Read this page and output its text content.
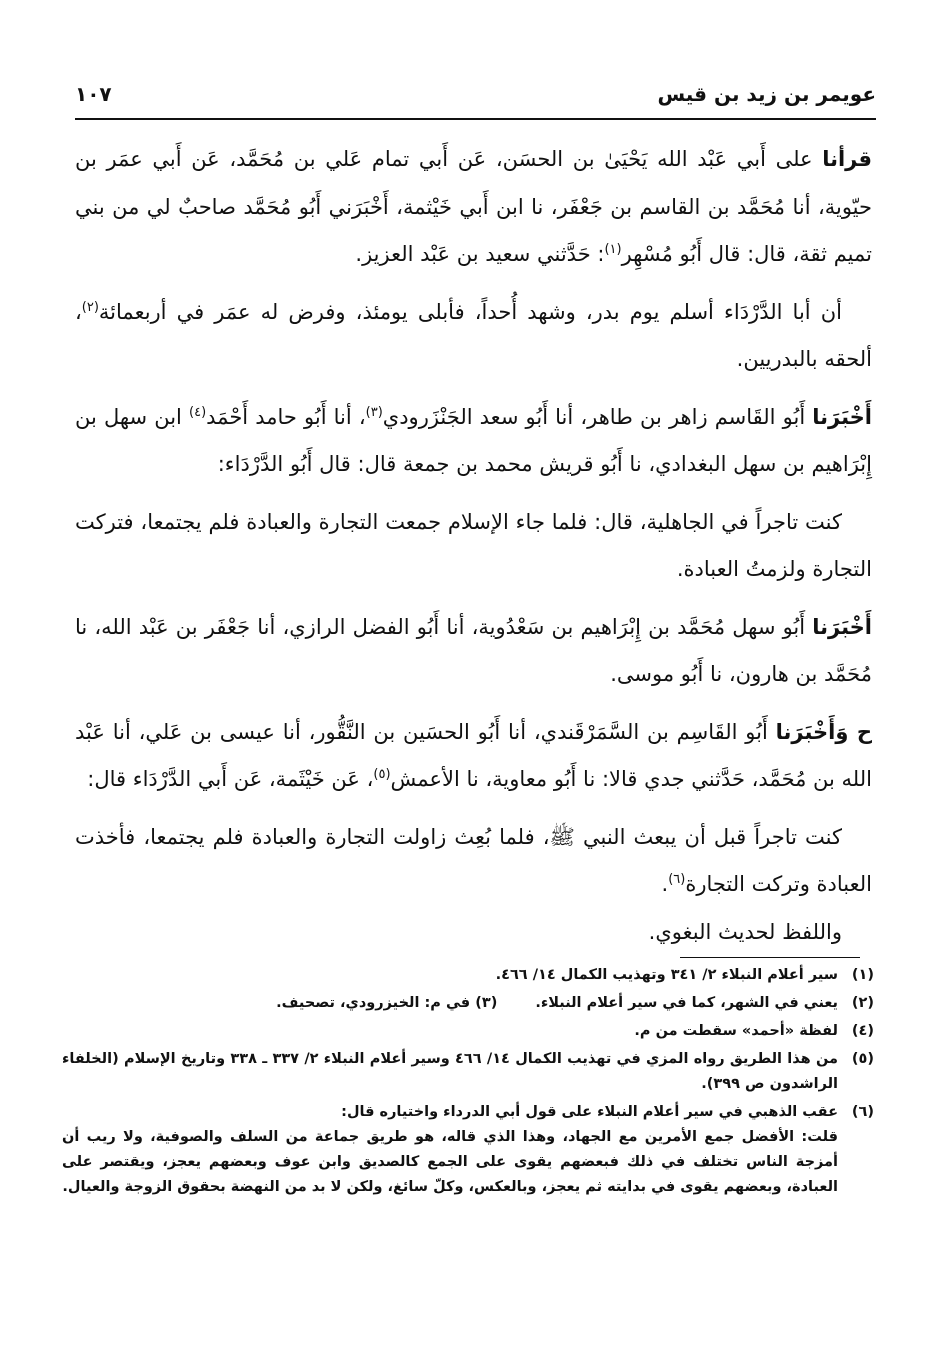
عويمر بن زيد بن قيس
١٠٧

قرأنا على أَبي عَبْد الله يَحْيَىٰ بن الحسَن، عَن أَبي تمام عَلي بن مُحَمَّد، عَن أَبي عمَر بن حيّوية، أنا مُحَمَّد بن القاسم بن جَعْفَر، نا ابن أَبي خَيْثمة، أَخْبَرَني أَبُو مُحَمَّد صاحبٌ لي من بني تميم ثقة، قال: قال أَبُو مُسْهِر$^{(١)}$: حَدَّثني سعيد بن عَبْد العزيز.

أن أبا الدَّرْدَاء أسلم يوم بدر، وشهد أُحداً، فأبلى يومئذ، وفرض له عمَر في أربعمائة$^{(٢)}$، ألحقه بالبدريين.

أَخْبَرَنا أَبُو القَاسم زاهر بن طاهر، أنا أَبُو سعد الجَنْزَرودي$^{(٣)}$، أنا أَبُو حامد أَحْمَد$^{(٤)}$ ابن سهل بن إِبْرَاهيم بن سهل البغدادي، نا أَبُو قريش محمد بن جمعة قال: قال أَبُو الدَّرْدَاء:

كنت تاجراً في الجاهلية، قال: فلما جاء الإسلام جمعت التجارة والعبادة فلم يجتمعا، فتركت التجارة ولزمتُ العبادة.

أَخْبَرَنا أَبُو سهل مُحَمَّد بن إِبْرَاهيم بن سَعْدُوية، أنا أَبُو الفضل الرازي، أنا جَعْفَر بن عَبْد الله، نا مُحَمَّد بن هارون، نا أَبُو موسى.

ح وَأَخْبَرَنا أَبُو القَاسِم بن السَّمَرْقَندي، أنا أَبُو الحسَين بن النَّقُّور، أنا عيسى بن عَلي، أنا عَبْد الله بن مُحَمَّد، حَدَّثني جدي قالا: نا أَبُو معاوية، نا الأعمش$^{(٥)}$، عَن خَيْثَمة، عَن أَبي الدَّرْدَاء قال:

كنت تاجراً قبل أن يبعث النبي ﷺ، فلما بُعِث زاولت التجارة والعبادة فلم يجتمعا، فأخذت العبادة وتركت التجارة$^{(٦)}$.

واللفظ لحديث البغوي.

(١)
سير أعلام النبلاء ٢/ ٣٤١ وتهذيب الكمال ١٤/ ٤٦٦.
(٢)
يعني في الشهر، كما في سير أعلام النبلاء.(٣) في م: الخيزرودي، تصحيف.
(٤)
لفظة «أحمد» سقطت من م.
(٥)
من هذا الطريق رواه المزي في تهذيب الكمال ١٤/ ٤٦٦ وسير أعلام النبلاء ٢/ ٣٣٧ ـ ٣٣٨ وتاريخ الإسلام (الخلفاء الراشدون ص ٣٩٩).
(٦)
عقب الذهبي في سير أعلام النبلاء على قول أبي الدرداء واختياره قال:
قلت: الأفضل جمع الأمرين مع الجهاد، وهذا الذي قاله، هو طريق جماعة من السلف والصوفية، ولا ريب أن أمزجة الناس تختلف في ذلك فبعضهم يقوى على الجمع كالصديق وابن عوف وبعضهم يعجز، ويقتصر على العبادة، وبعضهم يقوى في بدايته ثم يعجز، وبالعكس، وكلّ سائغ، ولكن لا بد من النهضة بحقوق الزوجة والعيال.
